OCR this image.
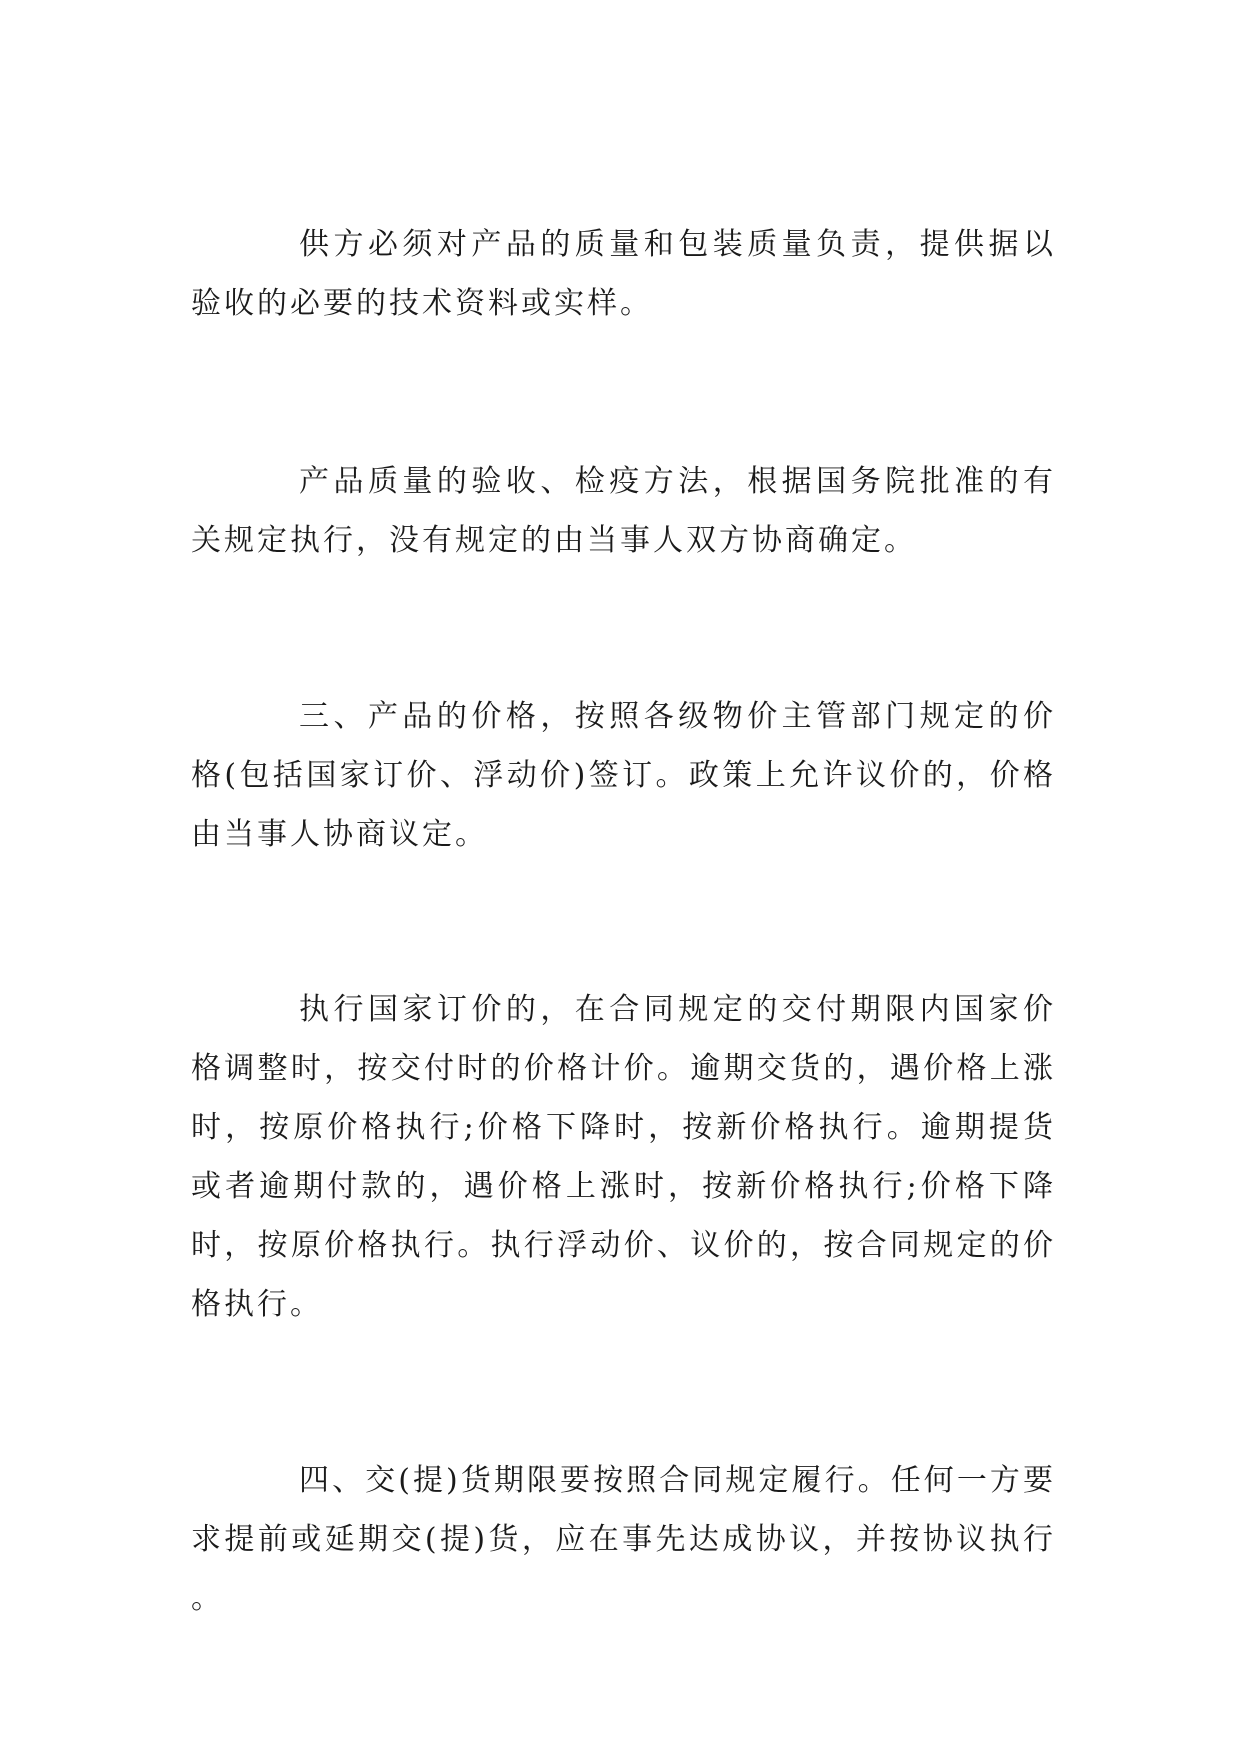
供方必须对产品的质量和包装质量负责，提供据以验收的必要的技术资料或实样。

产品质量的验收、检疫方法，根据国务院批准的有关规定执行，没有规定的由当事人双方协商确定。

三、产品的价格，按照各级物价主管部门规定的价格(包括国家订价、浮动价)签订。政策上允许议价的，价格由当事人协商议定。

执行国家订价的，在合同规定的交付期限内国家价格调整时，按交付时的价格计价。逾期交货的，遇价格上涨时，按原价格执行;价格下降时，按新价格执行。逾期提货或者逾期付款的，遇价格上涨时，按新价格执行;价格下降时，按原价格执行。执行浮动价、议价的，按合同规定的价格执行。

四、交(提)货期限要按照合同规定履行。任何一方要求提前或延期交(提)货，应在事先达成协议，并按协议执行。
